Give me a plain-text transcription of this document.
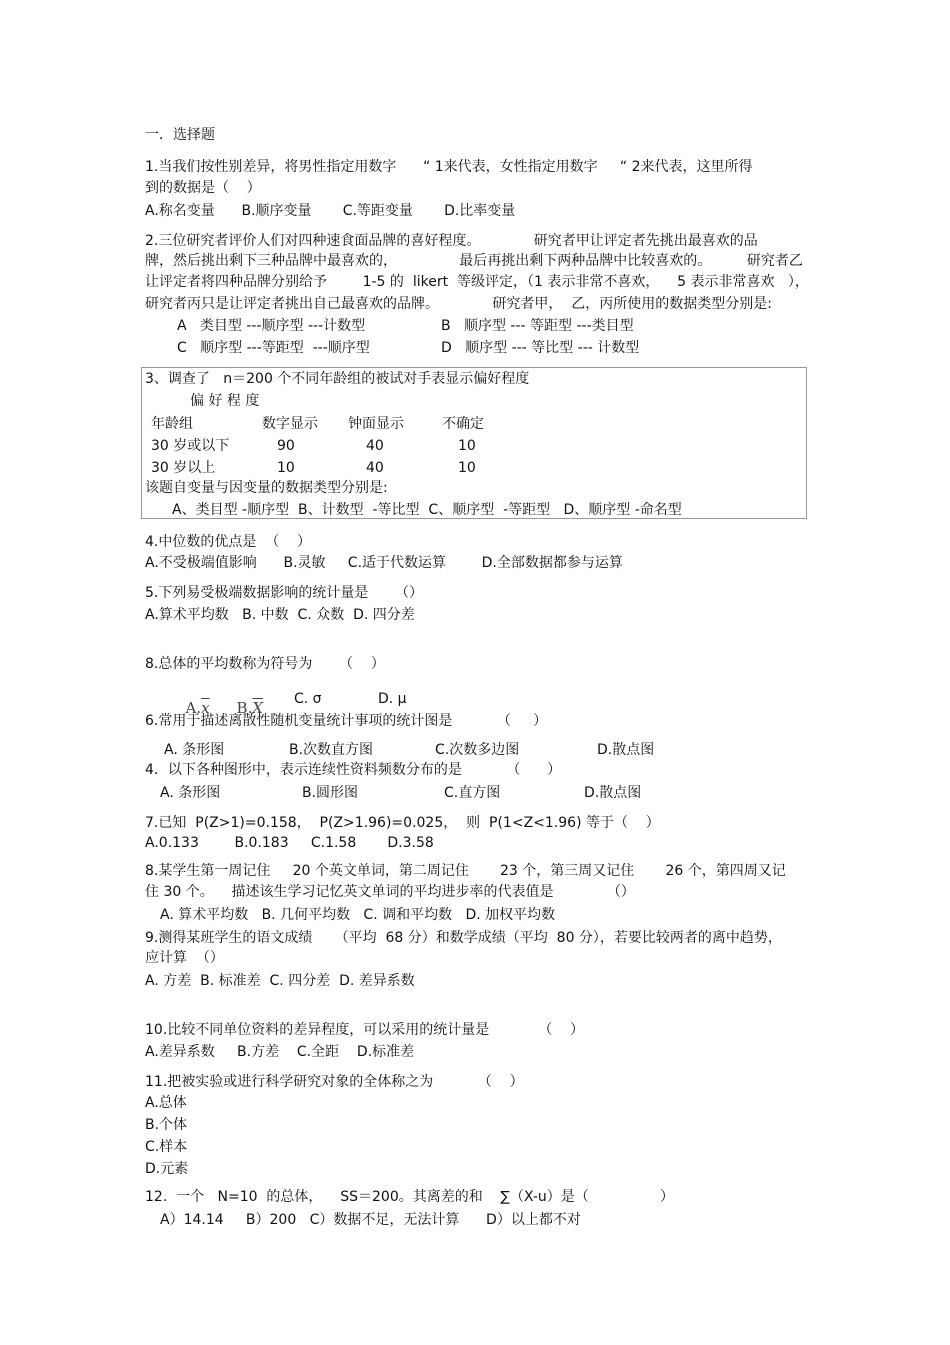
一．选择题
1.当我们按性别差异，将男性指定用数字      “ 1来代表，女性指定用数字     “ 2来代表，这里所得
到的数据是（    ）
A.称名变量      B.顺序变量       C.等距变量       D.比率变量
2.三位研究者评价人们对四种速食面品牌的喜好程度。            研究者甲让评定者先挑出最喜欢的品
牌，然后挑出剩下三种品牌中最喜欢的，              最后再挑出剩下两种品牌中比较喜欢的。        研究者乙
让评定者将四种品牌分别给予        1-5 的  likert  等级评定，（1 表示非常不喜欢，    5 表示非常喜欢   ），
研究者丙只是让评定者挑出自己最喜欢的品牌。            研究者甲，  乙，丙所使用的数据类型分别是:
A   类目型 ---顺序型 ---计数型	B   顺序型 --- 等距型 ---类目型
C   顺序型 ---等距型  ---顺序型	D   顺序型 --- 等比型 --- 计数型
3、调查了   n＝200 个不同年龄组的被试对手表显示偏好程度
偏 好 程 度
年龄组	数字显示 钟面显示	不确定
30 岁或以下	90	40	10
30 岁以上	10	40	10
该题自变量与因变量的数据类型分别是:
A、类目型 -顺序型  B、计数型  -等比型  C、顺序型  -等距型   D、顺序型 -命名型
4.中位数的优点是  （    ）
A.不受极端值影响      B.灵敏     C.适于代数运算        D.全部数据都参与运算
5.下列易受极端数据影响的统计量是      （）
A.算术平均数   B. 中数  C. 众数  D. 四分差
8.总体的平均数称为符号为      （    ）

$A.\overline{x}$	$B.\overline{X}$ C. σ	D. μ
6.常用于描述离散性随机变量统计事项的统计图是          （     ）
A. 条形图	B.次数直方图	C.次数多边图	D.散点图
4．以下各种图形中，表示连续性资料频数分布的是          （      ）
A. 条形图	B.圆形图	C.直方图	D.散点图
7.已知  P(Z>1)=0.158，  P(Z>1.96)=0.025，  则  P(1<Z<1.96) 等于（    ）
A.0.133        B.0.183     C.1.58       D.3.58
8.某学生第一周记住     20 个英文单词，第二周记住       23 个，第三周又记住       26 个，第四周又记
住 30 个。    描述该生学习记忆英文单词的平均进步率的代表值是            （）
A. 算术平均数   B. 几何平均数   C. 调和平均数   D. 加权平均数
9.测得某班学生的语文成绩     （平均  68 分）和数学成绩（平均  80 分），若要比较两者的离中趋势，
应计算  （）
A. 方差  B. 标准差  C. 四分差  D. 差异系数
10.比较不同单位资料的差异程度，可以采用的统计量是           （    ）
A.差异系数     B.方差    C.全距    D.标准差
11.把被实验或进行科学研究对象的全体称之为          （    ）
A.总体
B.个体
C.样本
D.元素
12.  一个   N=10  的总体，    SS＝200。其离差的和    ∑（X-u）是（                ）
A）14.14     B）200   C）数据不足，无法计算      D）以上都不对
